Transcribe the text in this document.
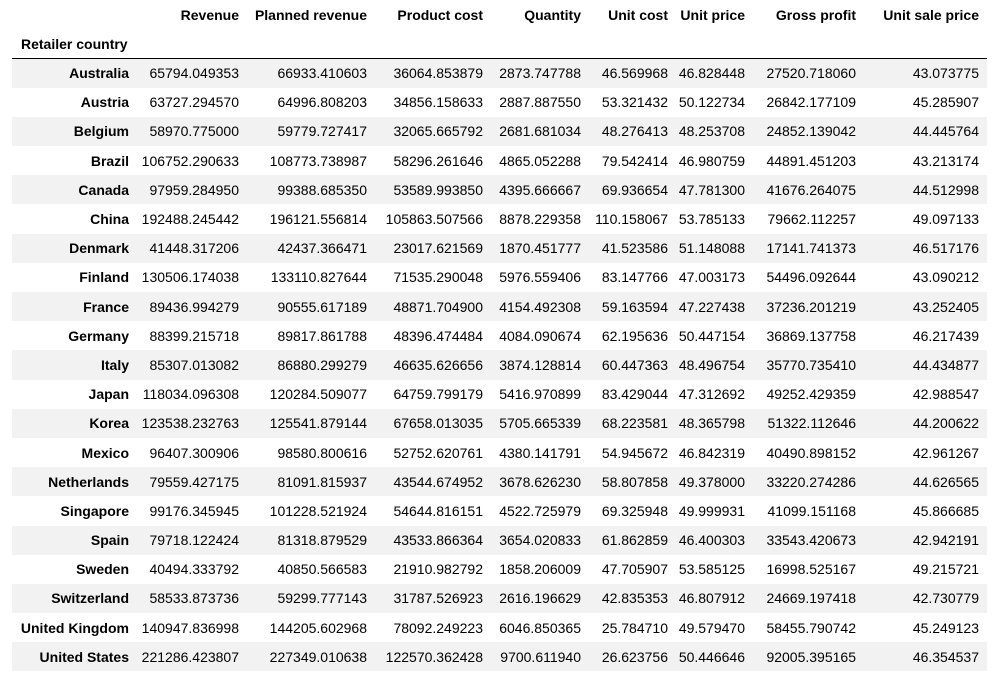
	Revenue	Planned revenue	Product cost	Quantity	Unit cost	Unit price	Gross profit	Unit sale price
Retailer country								
Australia	65794.049353	66933.410603	36064.853879	2873.747788	46.569968	46.828448	27520.718060	43.073775
Austria	63727.294570	64996.808203	34856.158633	2887.887550	53.321432	50.122734	26842.177109	45.285907
Belgium	58970.775000	59779.727417	32065.665792	2681.681034	48.276413	48.253708	24852.139042	44.445764
Brazil	106752.290633	108773.738987	58296.261646	4865.052288	79.542414	46.980759	44891.451203	43.213174
Canada	97959.284950	99388.685350	53589.993850	4395.666667	69.936654	47.781300	41676.264075	44.512998
China	192488.245442	196121.556814	105863.507566	8878.229358	110.158067	53.785133	79662.112257	49.097133
Denmark	41448.317206	42437.366471	23017.621569	1870.451777	41.523586	51.148088	17141.741373	46.517176
Finland	130506.174038	133110.827644	71535.290048	5976.559406	83.147766	47.003173	54496.092644	43.090212
France	89436.994279	90555.617189	48871.704900	4154.492308	59.163594	47.227438	37236.201219	43.252405
Germany	88399.215718	89817.861788	48396.474484	4084.090674	62.195636	50.447154	36869.137758	46.217439
Italy	85307.013082	86880.299279	46635.626656	3874.128814	60.447363	48.496754	35770.735410	44.434877
Japan	118034.096308	120284.509077	64759.799179	5416.970899	83.429044	47.312692	49252.429359	42.988547
Korea	123538.232763	125541.879144	67658.013035	5705.665339	68.223581	48.365798	51322.112646	44.200622
Mexico	96407.300906	98580.800616	52752.620761	4380.141791	54.945672	46.842319	40490.898152	42.961267
Netherlands	79559.427175	81091.815937	43544.674952	3678.626230	58.807858	49.378000	33220.274286	44.626565
Singapore	99176.345945	101228.521924	54644.816151	4522.725979	69.325948	49.999931	41099.151168	45.866685
Spain	79718.122424	81318.879529	43533.866364	3654.020833	61.862859	46.400303	33543.420673	42.942191
Sweden	40494.333792	40850.566583	21910.982792	1858.206009	47.705907	53.585125	16998.525167	49.215721
Switzerland	58533.873736	59299.777143	31787.526923	2616.196629	42.835353	46.807912	24669.197418	42.730779
United Kingdom	140947.836998	144205.602968	78092.249223	6046.850365	25.784710	49.579470	58455.790742	45.249123
United States	221286.423807	227349.010638	122570.362428	9700.611940	26.623756	50.446646	92005.395165	46.354537
